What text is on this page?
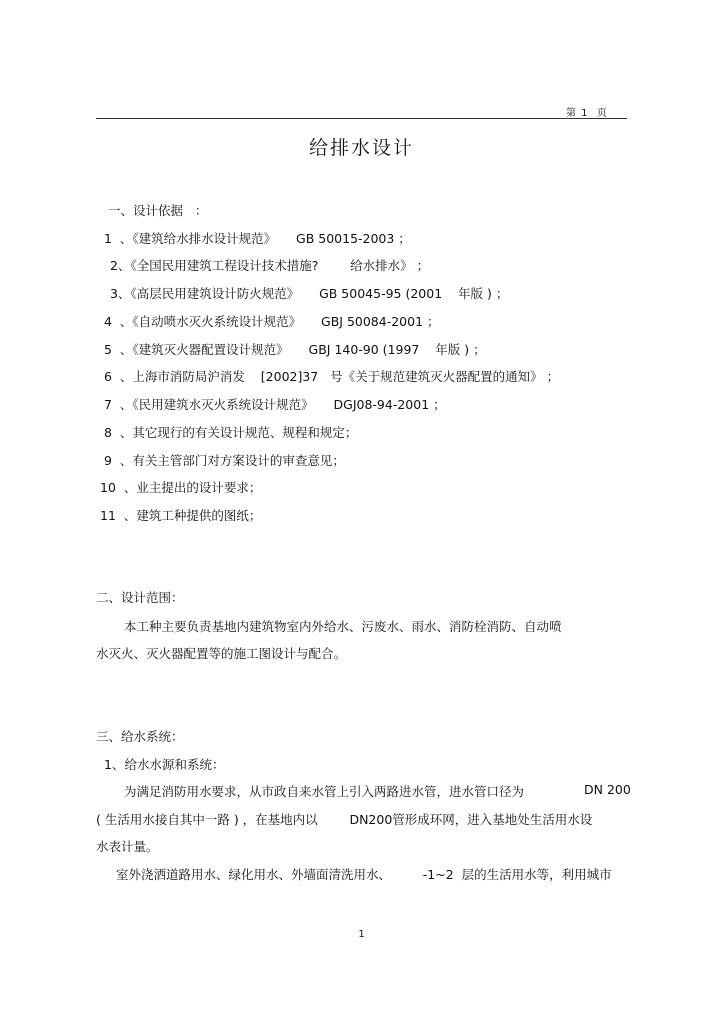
第 1  页
给排水设计
一、设计依据   ：
1  、《建筑给水排水设计规范》     GB 50015-2003 ；
2、《全国民用建筑工程设计技术措施?        给水排水》 ；
3、《高层民用建筑设计防火规范》     GB 50045-95 (2001    年版 ) ；
4  、《自动喷水灭火系统设计规范》     GBJ 50084-2001 ；
5  、《建筑灭火器配置设计规范》     GBJ 140-90 (1997    年版 ) ；
6  、上海市消防局沪消发    [2002]37   号《关于规范建筑灭火器配置的通知》 ；
7  、《民用建筑水灭火系统设计规范》     DGJ08-94-2001 ；
8  、其它现行的有关设计规范、规程和规定；
9  、有关主管部门对方案设计的审查意见；
10  、业主提出的设计要求；
11  、建筑工种提供的图纸；
二、设计范围：
本工种主要负责基地内建筑物室内外给水、污废水、雨水、消防栓消防、自动喷
水灭火、灭火器配置等的施工图设计与配合。
三、给水系统：
1、给水水源和系统：
为满足消防用水要求，从市政自来水管上引入两路进水管，进水管口径为	DN 200
( 生活用水接自其中一路 ) ，在基地内以        DN200管形成环网，进入基地处生活用水设
水表计量。
室外浇洒道路用水、绿化用水、外墙面清洗用水、        -1~2  层的生活用水等，利用城市
1
